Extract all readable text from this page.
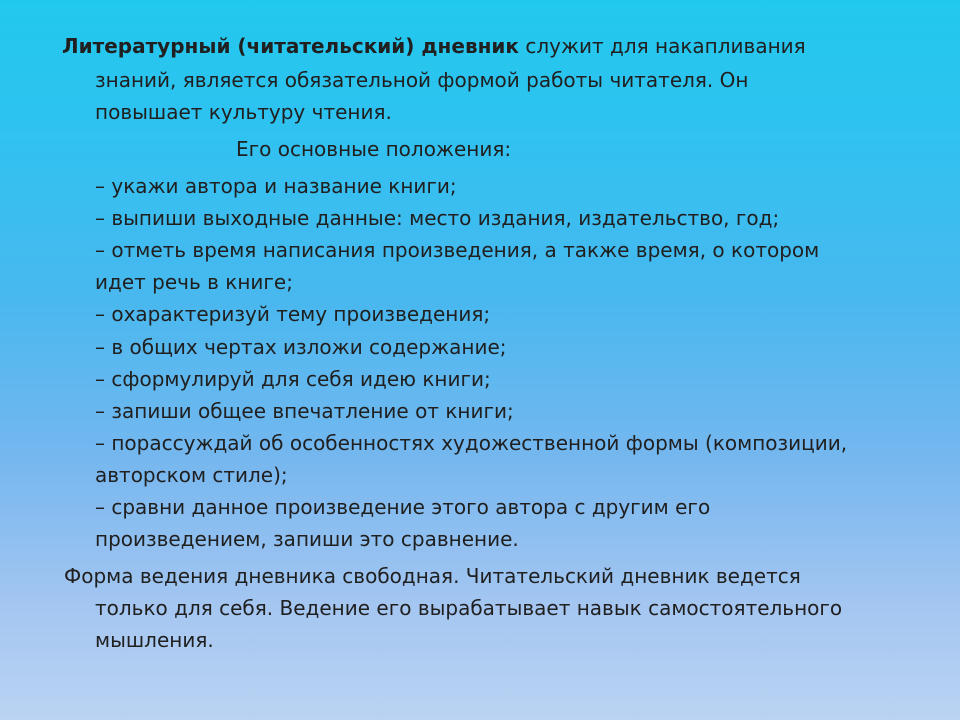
Литературный (читательский) дневник служит для накапливания
знаний, является обязательной формой работы читателя. Он
повышает культуру чтения.
Его основные положения:
– укажи автора и название книги;
– выпиши выходные данные: место издания, издательство, год;
– отметь время написания произведения, а также время, о котором
идет речь в книге;
– охарактеризуй тему произведения;
– в общих чертах изложи содержание;
– сформулируй для себя идею книги;
– запиши общее впечатление от книги;
– порассуждай об особенностях художественной формы (композиции,
авторском стиле);
– сравни данное произведение этого автора с другим его
произведением, запиши это сравнение.
Форма ведения дневника свободная. Читательский дневник ведется
только для себя. Ведение его вырабатывает навык самостоятельного
мышления.
